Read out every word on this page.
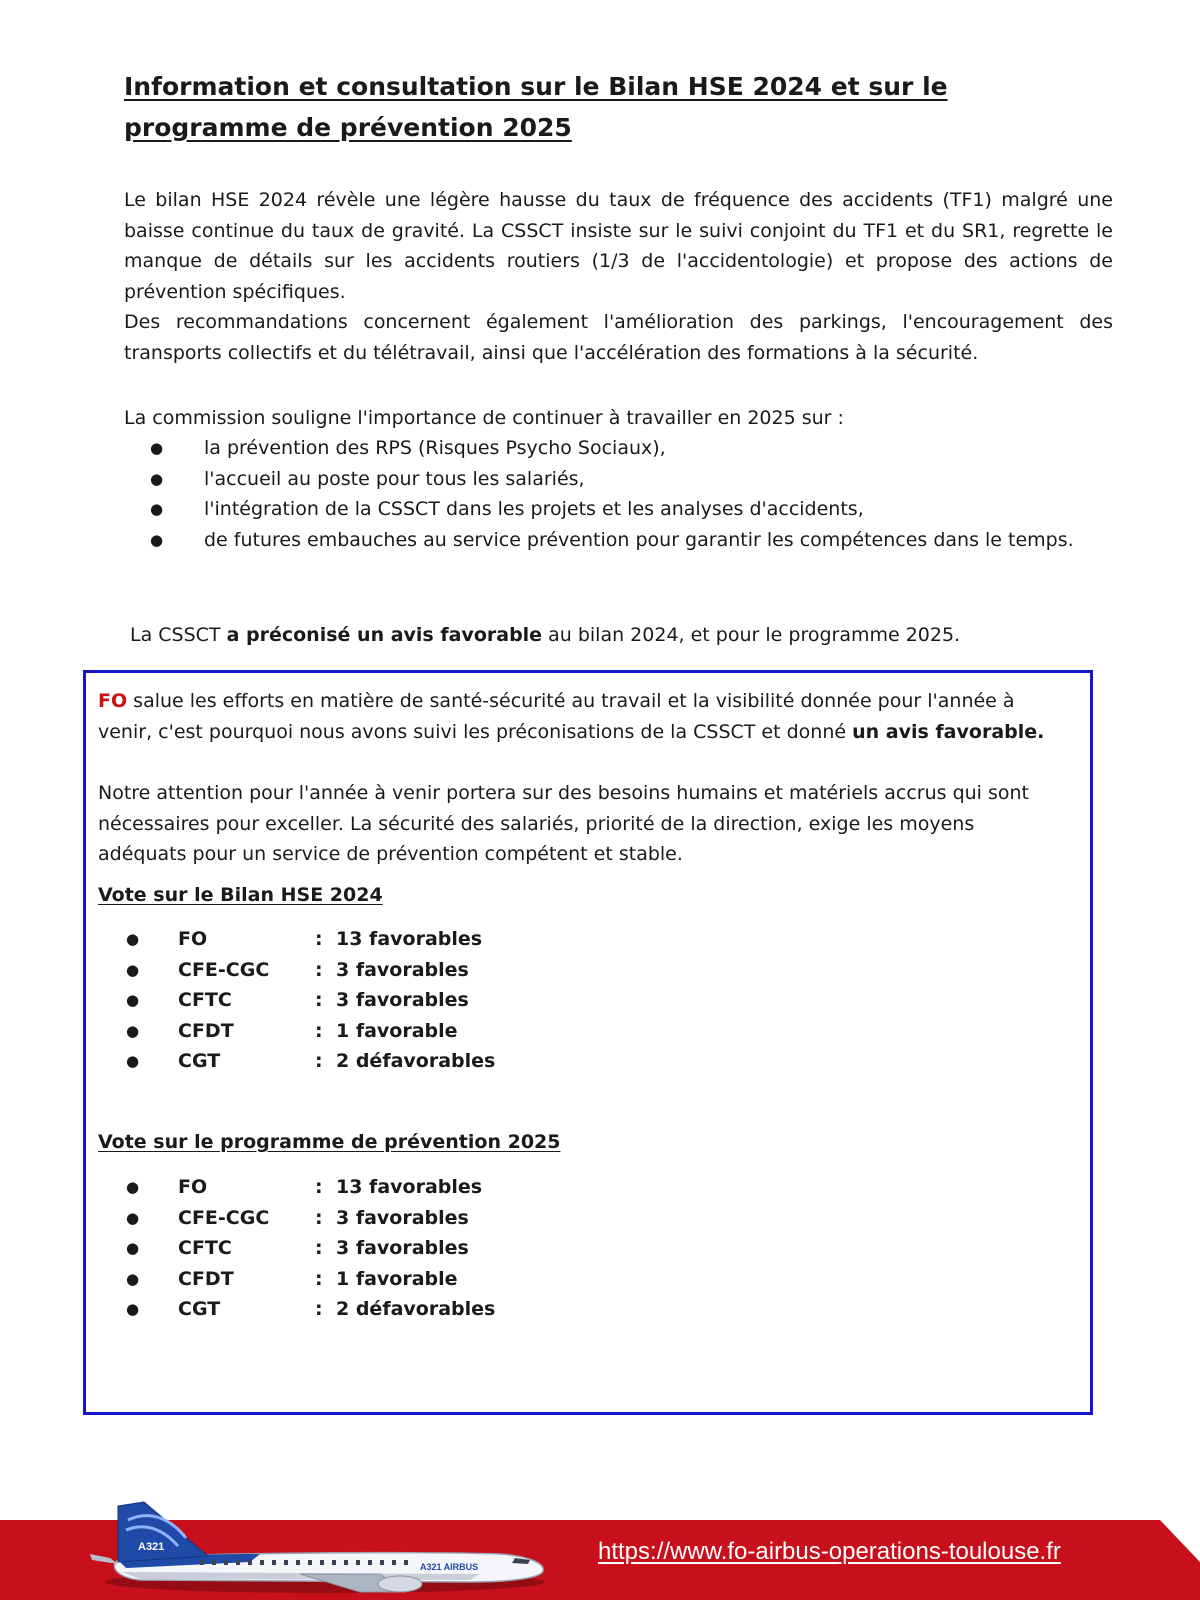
Information et consultation sur le Bilan HSE 2024 et sur le programme de prévention 2025

Le bilan HSE 2024 révèle une légère hausse du taux de fréquence des accidents (TF1) malgré une baisse continue du taux de gravité. La CSSCT insiste sur le suivi conjoint du TF1 et du SR1, regrette le manque de détails sur les accidents routiers (1/3 de l'accidentologie) et propose des actions de prévention spécifiques.

Des recommandations concernent également l'amélioration des parkings, l'encouragement des transports collectifs et du télétravail, ainsi que l'accélération des formations à la sécurité.

La commission souligne l'importance de continuer à travailler en 2025 sur :

● la prévention des RPS (Risques Psycho Sociaux),
● l'accueil au poste pour tous les salariés,
● l'intégration de la CSSCT dans les projets et les analyses d'accidents,
● de futures embauches au service prévention pour garantir les compétences dans le temps.

La CSSCT a préconisé un avis favorable au bilan 2024, et pour le programme 2025.

FO salue les efforts en matière de santé-sécurité au travail et la visibilité donnée pour l'année à venir, c'est pourquoi nous avons suivi les préconisations de la CSSCT et donné un avis favorable.

Notre attention pour l'année à venir portera sur des besoins humains et matériels accrus qui sont nécessaires pour exceller. La sécurité des salariés, priorité de la direction, exige les moyens adéquats pour un service de prévention compétent et stable.

Vote sur le Bilan HSE 2024

● FO	: 13 favorables
● CFE-CGC : 3 favorables
● CFTC	: 3 favorables
● CFDT	: 1 favorable
● CGT	: 2 défavorables

Vote sur le programme de prévention 2025

● FO	: 13 favorables
● CFE-CGC : 3 favorables
● CFTC	: 3 favorables
● CFDT	: 1 favorable
● CGT	: 2 défavorables
A321
A321 AIRBUS
https://www.fo-airbus-operations-toulouse.fr
